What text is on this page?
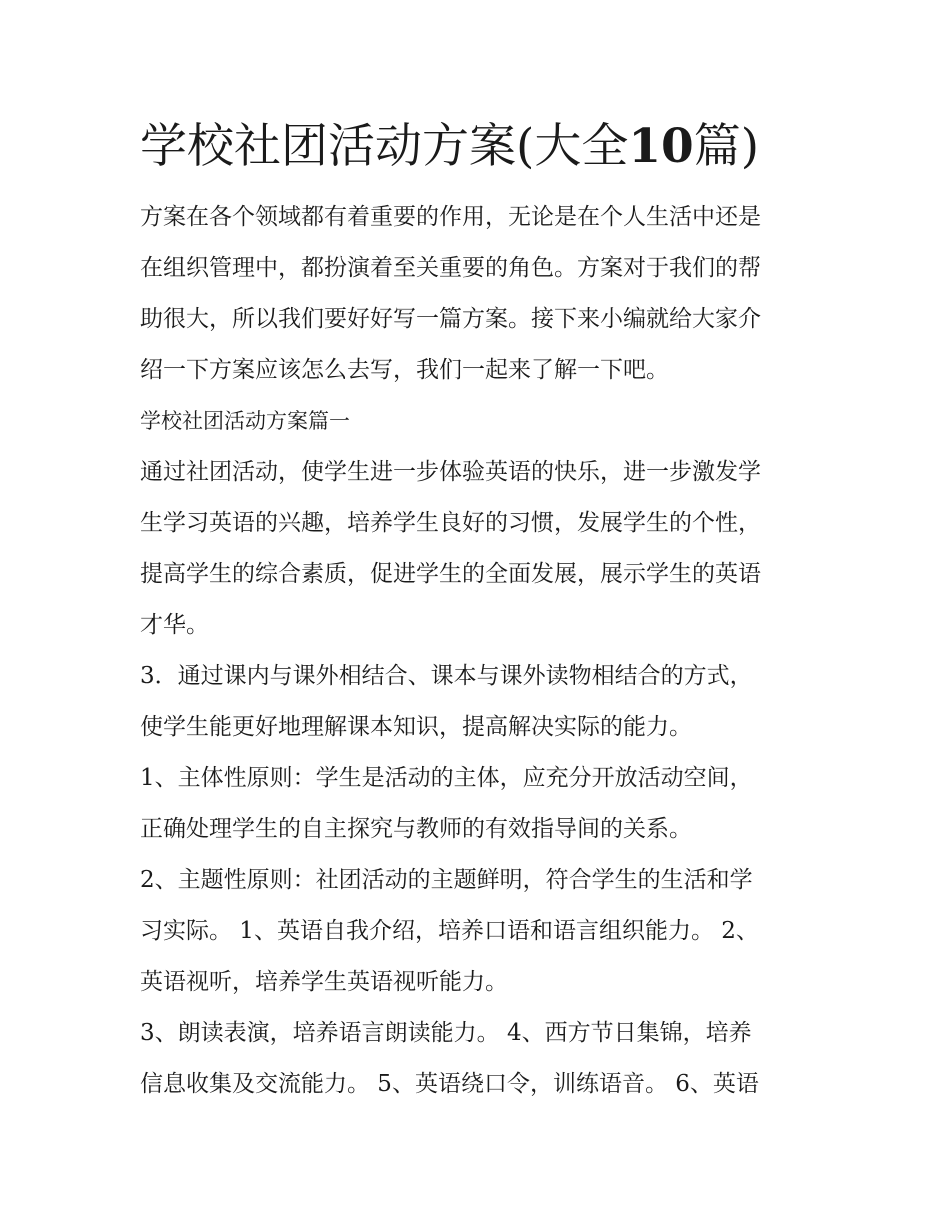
学校社团活动方案(大全10篇)

方案在各个领域都有着重要的作用，无论是在个人生活中还是
在组织管理中，都扮演着至关重要的角色。方案对于我们的帮
助很大，所以我们要好好写一篇方案。接下来小编就给大家介
绍一下方案应该怎么去写，我们一起来了解一下吧。

学校社团活动方案篇一

通过社团活动，使学生进一步体验英语的快乐，进一步激发学
生学习英语的兴趣，培养学生良好的习惯，发展学生的个性，
提高学生的综合素质，促进学生的全面发展，展示学生的英语
才华。

3．通过课内与课外相结合、课本与课外读物相结合的方式，
使学生能更好地理解课本知识，提高解决实际的能力。

1、主体性原则：学生是活动的主体，应充分开放活动空间，
正确处理学生的自主探究与教师的有效指导间的关系。

2、主题性原则：社团活动的主题鲜明，符合学生的生活和学
习实际。 1、英语自我介绍，培养口语和语言组织能力。 2、
英语视听，培养学生英语视听能力。

3、朗读表演，培养语言朗读能力。 4、西方节日集锦，培养
信息收集及交流能力。 5、英语绕口令，训练语音。 6、英语
